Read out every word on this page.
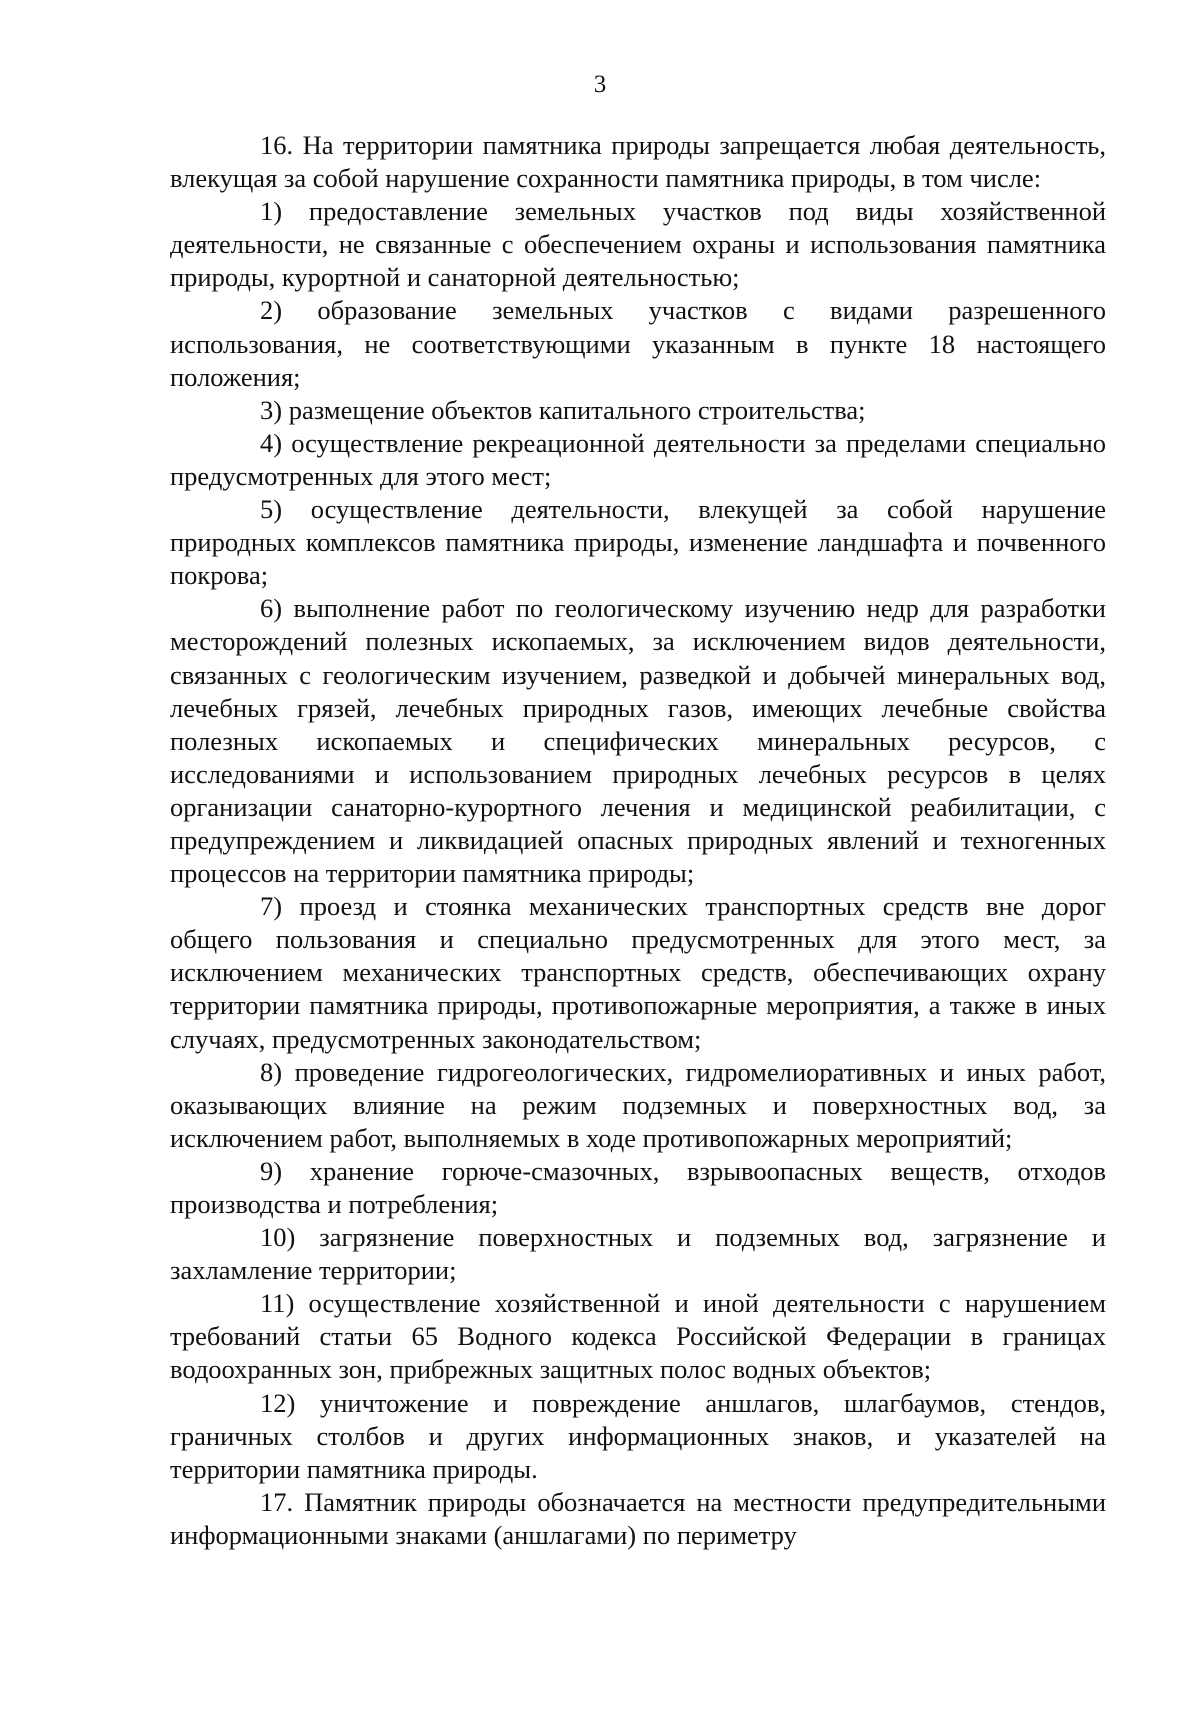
3

16. На территории памятника природы запрещается любая деятельность, влекущая за собой нарушение сохранности памятника природы, в том числе:

1) предоставление земельных участков под виды хозяйственной деятельности, не связанные с обеспечением охраны и использования памятника природы, курортной и санаторной деятельностью;

2) образование земельных участков с видами разрешенного использования, не соответствующими указанным в пункте 18 настоящего положения;

3) размещение объектов капитального строительства;

4) осуществление рекреационной деятельности за пределами специально предусмотренных для этого мест;

5) осуществление деятельности, влекущей за собой нарушение природных комплексов памятника природы, изменение ландшафта и почвенного покрова;

6) выполнение работ по геологическому изучению недр для разработки месторождений полезных ископаемых, за исключением видов деятельности, связанных с геологическим изучением, разведкой и добычей минеральных вод, лечебных грязей, лечебных природных газов, имеющих лечебные свойства полезных ископаемых и специфических минеральных ресурсов, с исследованиями и использованием природных лечебных ресурсов в целях организации санаторно-курортного лечения и медицинской реабилитации, с предупреждением и ликвидацией опасных природных явлений и техногенных процессов на территории памятника природы;

7) проезд и стоянка механических транспортных средств вне дорог общего пользования и специально предусмотренных для этого мест, за исключением механических транспортных средств, обеспечивающих охрану территории памятника природы, противопожарные мероприятия, а также в иных случаях, предусмотренных законодательством;

8) проведение гидрогеологических, гидромелиоративных и иных работ, оказывающих влияние на режим подземных и поверхностных вод, за исключением работ, выполняемых в ходе противопожарных мероприятий;

9) хранение горюче-смазочных, взрывоопасных веществ, отходов производства и потребления;

10) загрязнение поверхностных и подземных вод, загрязнение и захламление территории;

11) осуществление хозяйственной и иной деятельности с нарушением требований статьи 65 Водного кодекса Российской Федерации в границах водоохранных зон, прибрежных защитных полос водных объектов;

12) уничтожение и повреждение аншлагов, шлагбаумов, стендов, граничных столбов и других информационных знаков, и указателей на территории памятника природы.

17. Памятник природы обозначается на местности предупредительными информационными знаками (аншлагами) по периметру
